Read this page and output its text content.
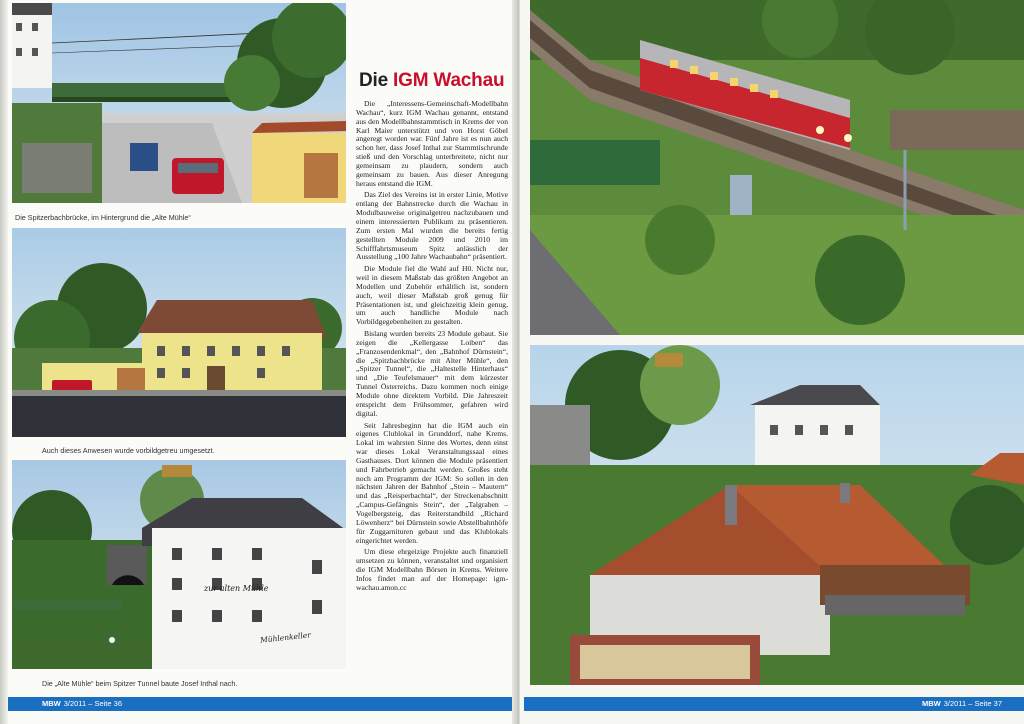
Die Spitzerbachbrücke, im Hintergrund die „Alte Mühle“
Auch dieses Anwesen wurde vorbildgetreu umgesetzt.
zur alten Mühle
Mühlenkeller
Die „Alte Mühle“ beim Spitzer Tunnel baute Josef Inthal nach.
Die IGM Wachau

Die „Interessens-Gemeinschaft-Modellbahn Wachau“, kurz IGM Wachau genannt, entstand aus den Modellbahnstammtisch in Krems der von Karl Maier unterstützt und von Horst Göbel angeregt worden war. Fünf Jahre ist es nun auch schon her, dass Josef Inthal zur Stammtischrunde stieß und den Vorschlag unterbreitete, nicht nur gemeinsam zu plaudern, sondern auch gemeinsam zu bauen. Aus dieser Anregung heraus entstand die IGM.

Das Ziel des Vereins ist in erster Linie, Motive entlang der Bahnstrecke durch die Wachau in Modulbauweise originalgetreu nachzubauen und einem interessierten Publikum zu präsentieren. Zum ersten Mal wurden die bereits fertig gestellten Module 2009 und 2010 im Schifffahrtsmuseum Spitz anlässlich der Ausstellung „100 Jahre Wachaubahn“ präsentiert.

Die Module fiel die Wahl auf H0. Nicht nur, weil in diesem Maßstab das größten Angebot an Modellen und Zubehör erhältlich ist, sondern auch, weil dieser Maßstab groß genug für Präsentationen ist, und gleichzeitig klein genug, um auch handliche Module nach Vorbildgegebenheiten zu gestalten.

Bislang wurden bereits 23 Module gebaut. Sie zeigen die „Kellergasse Loiben“ das „Franzosendenkmal“, den „Bahnhof Dürnstein“, die „Spitzbachbrücke mit Alter Mühle“, den „Spitzer Tunnel“, die „Haltestelle Hinterhaus“ und „Die Teufelsmauer“ mit dem kürzester Tunnel Österreichs. Dazu kommen noch einige Module ohne direktem Vorbild. Die Jahreszeit entspricht dem Frühsommer, gefahren wird digital.

Seit Jahresbeginn hat die IGM auch ein eigenes Clublokal in Grunddorf, nahe Krems. Lokal im wahrsten Sinne des Wortes, denn einst war dieses Lokal Veranstaltungssaal eines Gasthauses. Dort können die Module präsentiert und Fahrbetrieb gemacht werden. Großes steht noch am Programm der IGM: So sollen in den nächsten Jahren der Bahnhof „Stein – Mautern“ und das „Reisperbachtal“, der Streckenabschnitt „Campus-Gefängnis Stein“, der „Talgraben – Vogelbergsteig, das Reiterstandbild „Richard Löwenherz“ bei Dürnstein sowie Abstellbahnhöfe für Zuggarnituren gebaut und das Klublokals eingerichtet werden.

Um diese ehrgeizige Projekte auch finanziell umsetzen zu können, veranstaltet und organisiert die IGM Modellbahn Börsen in Krems. Weitere Infos findet man auf der Homepage: igm-wachau.amon.cc

MBW 3/2011 – Seite 36	MBW 3/2011 – Seite 37
